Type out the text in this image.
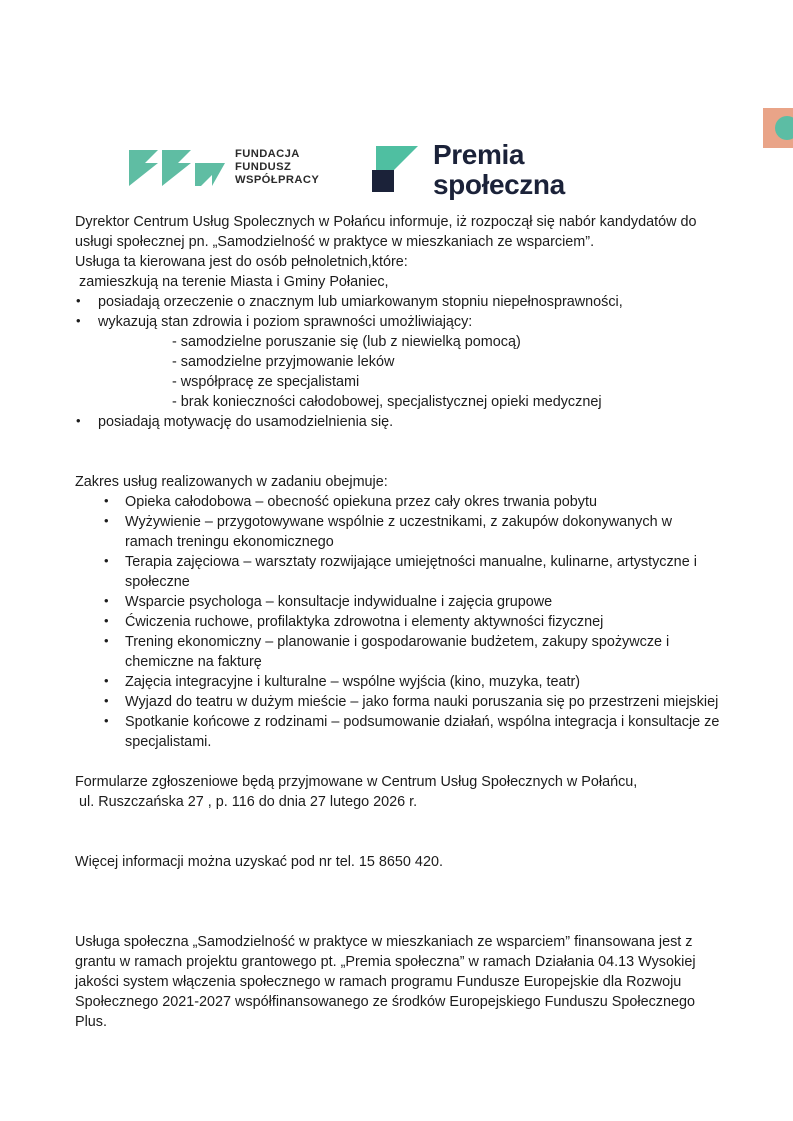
FUNDACJA
FUNDUSZ
WSPÓŁPRACY
Premia
społeczna

Dyrektor Centrum Usług Spolecznych w Połańcu informuje, iż rozpoczął się nabór kandydatów do
usługi społecznej pn. „Samodzielność w praktyce w mieszkaniach ze wsparciem”.
Usługa ta kierowana jest do osób pełnoletnich,które:
zamieszkują na terenie Miasta i Gminy Połaniec,

• posiadają orzeczenie o znacznym lub umiarkowanym stopniu niepełnosprawności,
• wykazują stan zdrowia i poziom sprawności umożliwiający:
- samodzielne poruszanie się (lub z niewielką pomocą)
- samodzielne przyjmowanie leków
- współpracę ze specjalistami
- brak konieczności całodobowej, specjalistycznej opieki medycznej
• posiadają motywację do usamodzielnienia się.

Zakres usług realizowanych w zadaniu obejmuje:

• Opieka całodobowa – obecność opiekuna przez cały okres trwania pobytu
• Wyżywienie – przygotowywane wspólnie z uczestnikami, z zakupów dokonywanych w ramach treningu ekonomicznego
• Terapia zajęciowa – warsztaty rozwijające umiejętności manualne, kulinarne, artystyczne i społeczne
• Wsparcie psychologa – konsultacje indywidualne i zajęcia grupowe
• Ćwiczenia ruchowe, profilaktyka zdrowotna i elementy aktywności fizycznej
• Trening ekonomiczny – planowanie i gospodarowanie budżetem, zakupy spożywcze i chemiczne na fakturę
• Zajęcia integracyjne i kulturalne – wspólne wyjścia (kino, muzyka, teatr)
• Wyjazd do teatru w dużym mieście – jako forma nauki poruszania się po przestrzeni miejskiej
• Spotkanie końcowe z rodzinami – podsumowanie działań, wspólna integracja i konsultacje ze specjalistami.

Formularze zgłoszeniowe będą przyjmowane w Centrum Usług Społecznych w Połańcu,
ul. Ruszczańska 27 , p. 116 do dnia 27 lutego 2026 r.

Więcej informacji można uzyskać pod nr tel. 15 8650 420.

Usługa społeczna „Samodzielność w praktyce w mieszkaniach ze wsparciem” finansowana jest z grantu w ramach projektu grantowego pt. „Premia społeczna” w ramach Działania 04.13 Wysokiej jakości system włączenia społecznego w ramach programu Fundusze Europejskie dla Rozwoju Społecznego 2021-2027 współfinansowanego ze środków Europejskiego Funduszu Społecznego Plus.
